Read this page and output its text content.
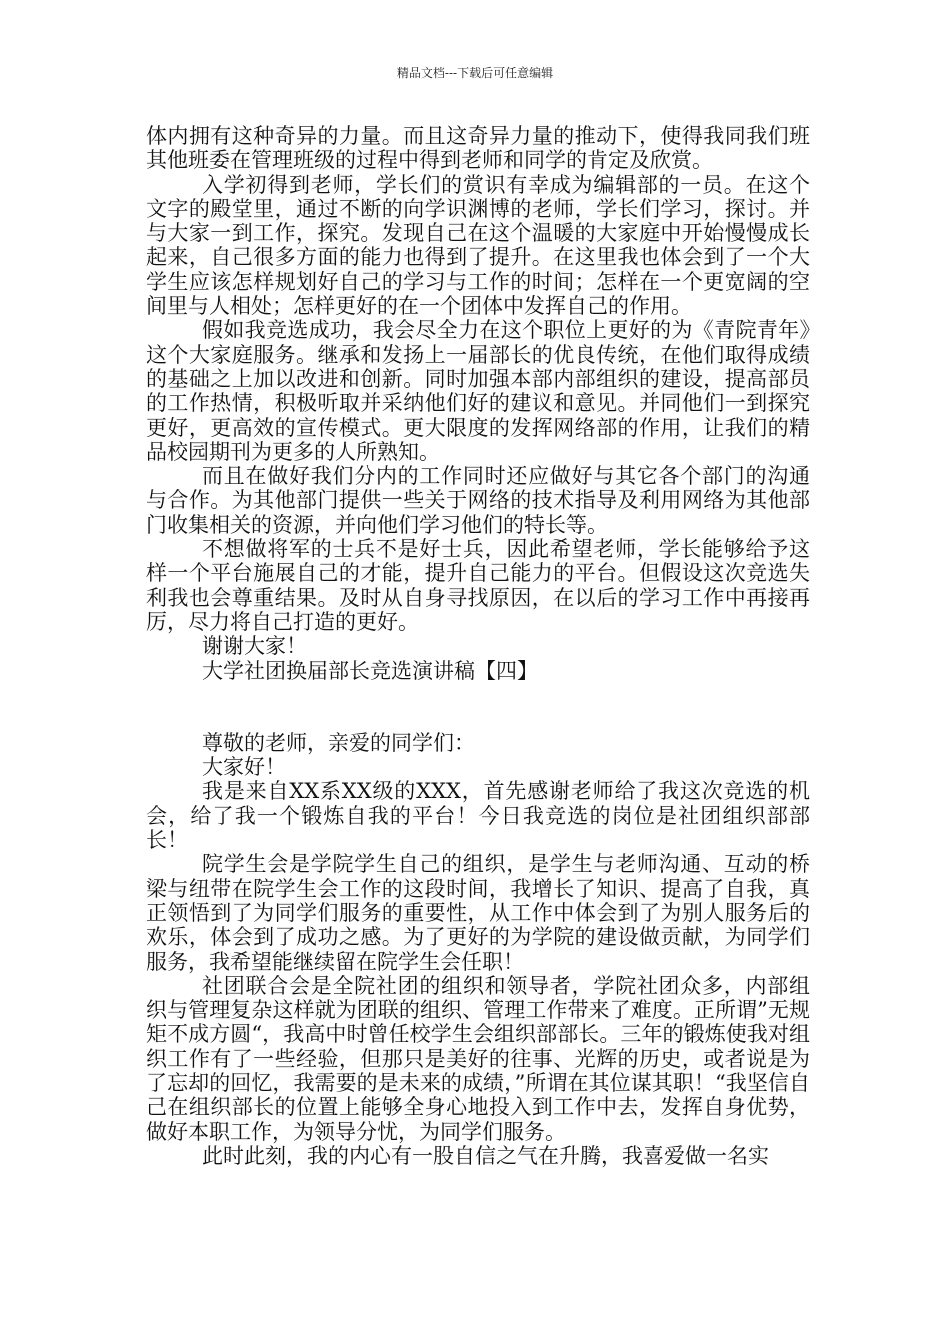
精品文档---下载后可任意编辑

体内拥有这种奇异的力量。而且这奇异力量的推动下，使得我同我们班其他班委在管理班级的过程中得到老师和同学的肯定及欣赏。

入学初得到老师，学长们的赏识有幸成为编辑部的一员。在这个文字的殿堂里，通过不断的向学识渊博的老师，学长们学习，探讨。并与大家一到工作，探究。发现自己在这个温暖的大家庭中开始慢慢成长起来，自己很多方面的能力也得到了提升。在这里我也体会到了一个大学生应该怎样规划好自己的学习与工作的时间；怎样在一个更宽阔的空间里与人相处；怎样更好的在一个团体中发挥自己的作用。

假如我竞选成功，我会尽全力在这个职位上更好的为《青院青年》这个大家庭服务。继承和发扬上一届部长的优良传统，在他们取得成绩的基础之上加以改进和创新。同时加强本部内部组织的建设，提高部员的工作热情，积极听取并采纳他们好的建议和意见。并同他们一到探究更好，更高效的宣传模式。更大限度的发挥网络部的作用，让我们的精品校园期刊为更多的人所熟知。

而且在做好我们分内的工作同时还应做好与其它各个部门的沟通与合作。为其他部门提供一些关于网络的技术指导及利用网络为其他部门收集相关的资源，并向他们学习他们的特长等。

不想做将军的士兵不是好士兵，因此希望老师，学长能够给予这样一个平台施展自己的才能，提升自己能力的平台。但假设这次竞选失利我也会尊重结果。及时从自身寻找原因，在以后的学习工作中再接再厉，尽力将自己打造的更好。

谢谢大家！

大学社团换届部长竞选演讲稿【四】

尊敬的老师，亲爱的同学们：

大家好！

我是来自XX系XX级的XXX，首先感谢老师给了我这次竞选的机会，给了我一个锻炼自我的平台！今日我竞选的岗位是社团组织部部长！

院学生会是学院学生自己的组织，是学生与老师沟通、互动的桥梁与纽带在院学生会工作的这段时间，我增长了知识、提高了自我，真正领悟到了为同学们服务的重要性，从工作中体会到了为别人服务后的欢乐，体会到了成功之感。为了更好的为学院的建设做贡献，为同学们服务，我希望能继续留在院学生会任职！

社团联合会是全院社团的组织和领导者，学院社团众多，内部组织与管理复杂这样就为团联的组织、管理工作带来了难度。正所谓”无规矩不成方圆“，我高中时曾任校学生会组织部部长。三年的锻炼使我对组织工作有了一些经验，但那只是美好的往事、光辉的历史，或者说是为了忘却的回忆，我需要的是未来的成绩，”所谓在其位谋其职！“我坚信自己在组织部长的位置上能够全身心地投入到工作中去，发挥自身优势，做好本职工作，为领导分忧，为同学们服务。

此时此刻，我的内心有一股自信之气在升腾，我喜爱做一名实
